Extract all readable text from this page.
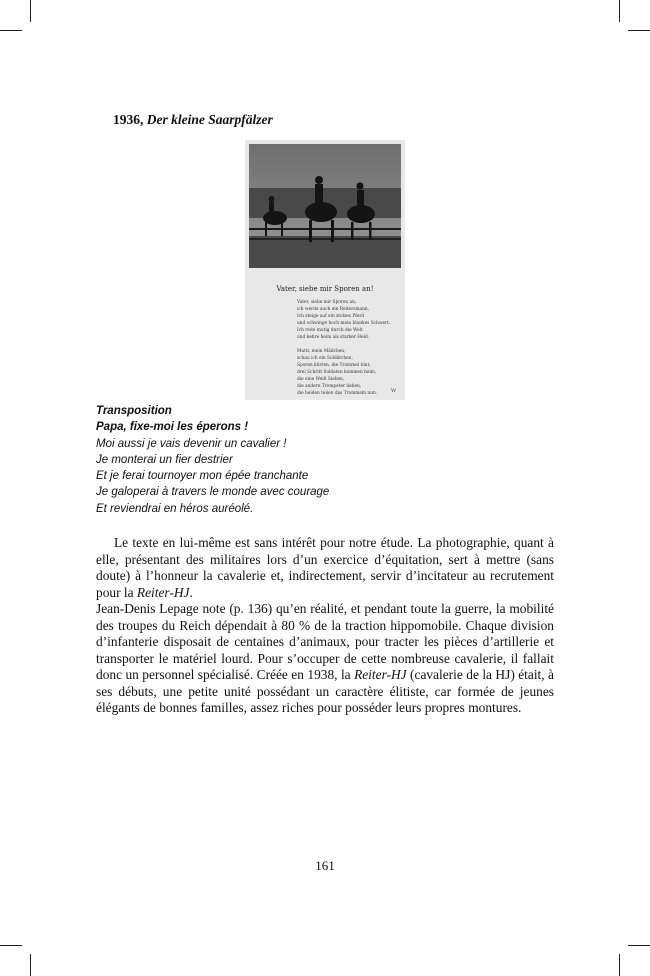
1936, Der kleine Saarpfälzer
Vater, siebe mir Sporen an!
Vater, siebe mir Sporen an,
ich werde auch ein Reitersmann,
Ich steige auf ein stolzes Pferd
und schwinge hoch mein blankes Schwert.
Ich reite mutig durch die Welt
und kehre heim als starker Held.
Mutti, mein Mädchen,
schau ich ein Soldätchen,
Sporen klirren, die Trommel tönt,
drei Schritt Soldaten kommen heim,
die eine Weiß Sieben,
die andern Trompeter lieben,
die beiden teilen das Trommeln nun.	W
Transposition
Papa, fixe-moi les éperons !
Moi aussi je vais devenir un cavalier !
Je monterai un fier destrier
Et je ferai tournoyer mon épée tranchante
Je galoperai à travers le monde avec courage
Et reviendrai en héros auréolé.

Le texte en lui-même est sans intérêt pour notre étude. La photographie, quant à elle, présentant des militaires lors d’un exercice d’équitation, sert à mettre (sans doute) à l’honneur la cavalerie et, indirectement, servir d’incitateur au recrutement pour la Reiter-HJ.

Jean-Denis Lepage note (p. 136) qu’en réalité, et pendant toute la guerre, la mobilité des troupes du Reich dépendait à 80 % de la traction hippomobile. Chaque division d’infanterie disposait de centaines d’animaux, pour tracter les pièces d’artillerie et transporter le matériel lourd. Pour s’occuper de cette nombreuse cavalerie, il fallait donc un personnel spécialisé. Créée en 1938, la Reiter-HJ (cavalerie de la HJ) était, à ses débuts, une petite unité possédant un caractère élitiste, car formée de jeunes élégants de bonnes familles, assez riches pour posséder leurs propres montures.

161
